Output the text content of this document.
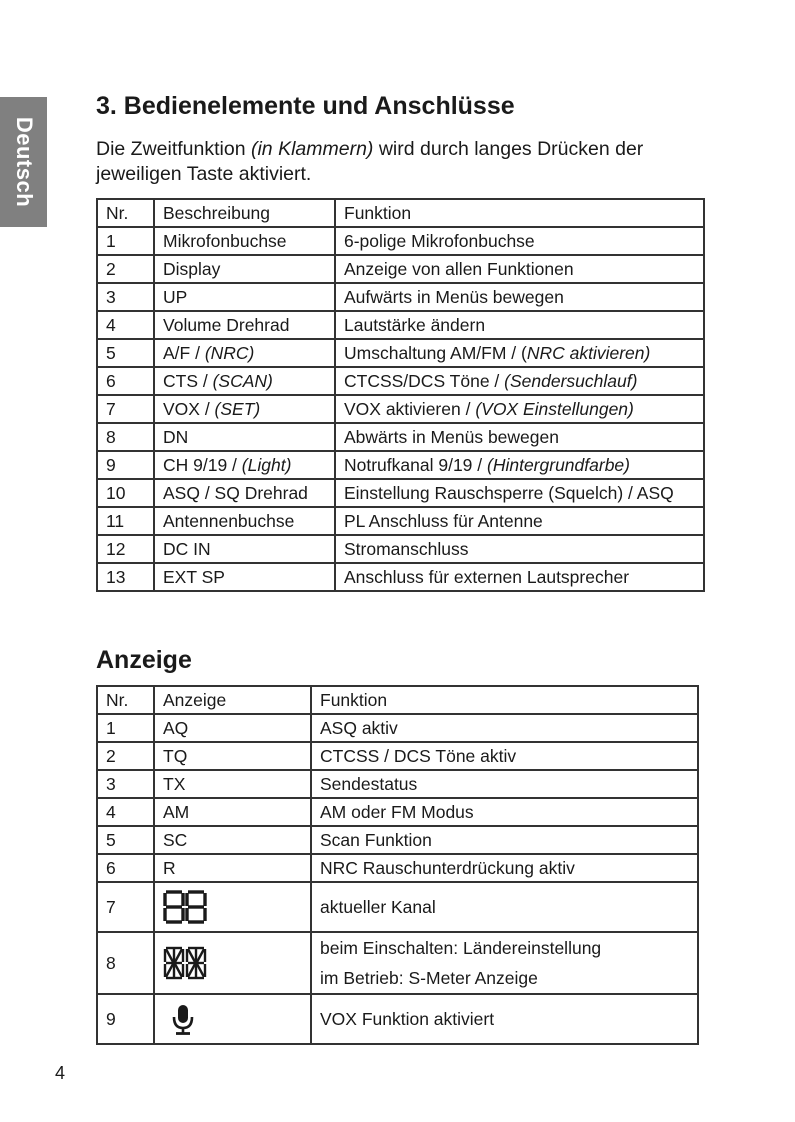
Deutsch
3. Bedienelemente und Anschlüsse

Die Zweitfunktion (in Klammern) wird durch langes Drücken der jeweiligen Taste aktiviert.

Nr.	Beschreibung	Funktion
1	Mikrofonbuchse	6-polige Mikrofonbuchse
2	Display	Anzeige von allen Funktionen
3	UP	Aufwärts in Menüs bewegen
4	Volume Drehrad	Lautstärke ändern
5	A/F / (NRC)	Umschaltung AM/FM / (NRC aktivieren)
6	CTS / (SCAN)	CTCSS/DCS Töne / (Sendersuchlauf)
7	VOX / (SET)	VOX aktivieren / (VOX Einstellungen)
8	DN	Abwärts in Menüs bewegen
9	CH 9/19 / (Light)	Notrufkanal 9/19 / (Hintergrundfarbe)
10	ASQ / SQ Drehrad	Einstellung Rauschsperre (Squelch) / ASQ
11	Antennenbuchse	PL Anschluss für Antenne
12	DC IN	Stromanschluss
13	EXT SP	Anschluss für externen Lautsprecher
Anzeige
Nr.	Anzeige	Funktion
1	AQ	ASQ aktiv
2	TQ	CTCSS / DCS Töne aktiv
3	TX	Sendestatus
4	AM	AM oder FM Modus
5	SC	Scan Funktion
6	R	NRC Rauschunterdrückung aktiv
7		aktueller Kanal
8		beim Einschalten: Ländereinstellung
im Betrieb: S-Meter Anzeige
9		VOX Funktion aktiviert
4
